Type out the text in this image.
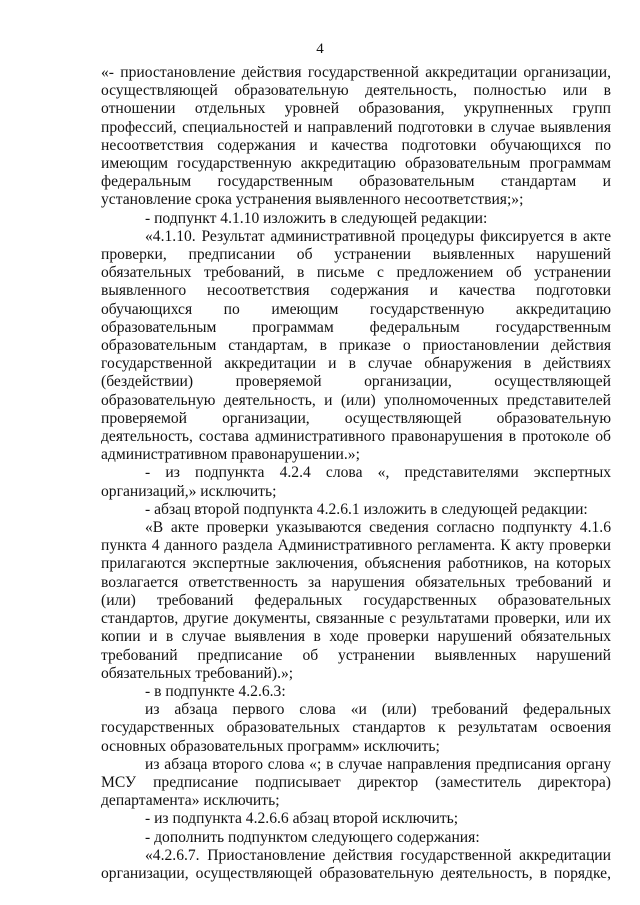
4

«- приостановление действия государственной аккредитации организации, осуществляющей образовательную деятельность, полностью или в отношении отдельных уровней образования, укрупненных групп профессий, специальностей и направлений подготовки в случае выявления несоответствия содержания и качества подготовки обучающихся по имеющим государственную аккредитацию образовательным программам федеральным государственным образовательным стандартам и установление срока устранения выявленного несоответствия;»;

- подпункт 4.1.10 изложить в следующей редакции:

«4.1.10. Результат административной процедуры фиксируется в акте проверки, предписании об устранении выявленных нарушений обязательных требований, в письме с предложением об устранении выявленного несоответствия содержания и качества подготовки обучающихся по имеющим государственную аккредитацию образовательным программам федеральным государственным образовательным стандартам, в приказе о приостановлении действия государственной аккредитации и в случае обнаружения в действиях (бездействии) проверяемой организации, осуществляющей образовательную деятельность, и (или) уполномоченных представителей проверяемой организации, осуществляющей образовательную деятельность, состава административного правонарушения в протоколе об административном правонарушении.»;

- из подпункта 4.2.4 слова «, представителями экспертных организаций,» исключить;

- абзац второй подпункта 4.2.6.1 изложить в следующей редакции:

«В акте проверки указываются сведения согласно подпункту 4.1.6 пункта 4 данного раздела Административного регламента. К акту проверки прилагаются экспертные заключения, объяснения работников, на которых возлагается ответственность за нарушения обязательных требований и (или) требований федеральных государственных образовательных стандартов, другие документы, связанные с результатами проверки, или их копии и в случае выявления в ходе проверки нарушений обязательных требований предписание об устранении выявленных нарушений обязательных требований).»;

- в подпункте 4.2.6.3:

из абзаца первого слова «и (или) требований федеральных государственных образовательных стандартов к результатам освоения основных образовательных программ» исключить;

из абзаца второго слова «; в случае направления предписания органу МСУ предписание подписывает директор (заместитель директора) департамента» исключить;

- из подпункта 4.2.6.6 абзац второй исключить;

- дополнить подпунктом следующего содержания:

«4.2.6.7. Приостановление действия государственной аккредитации организации, осуществляющей образовательную деятельность, в порядке,
